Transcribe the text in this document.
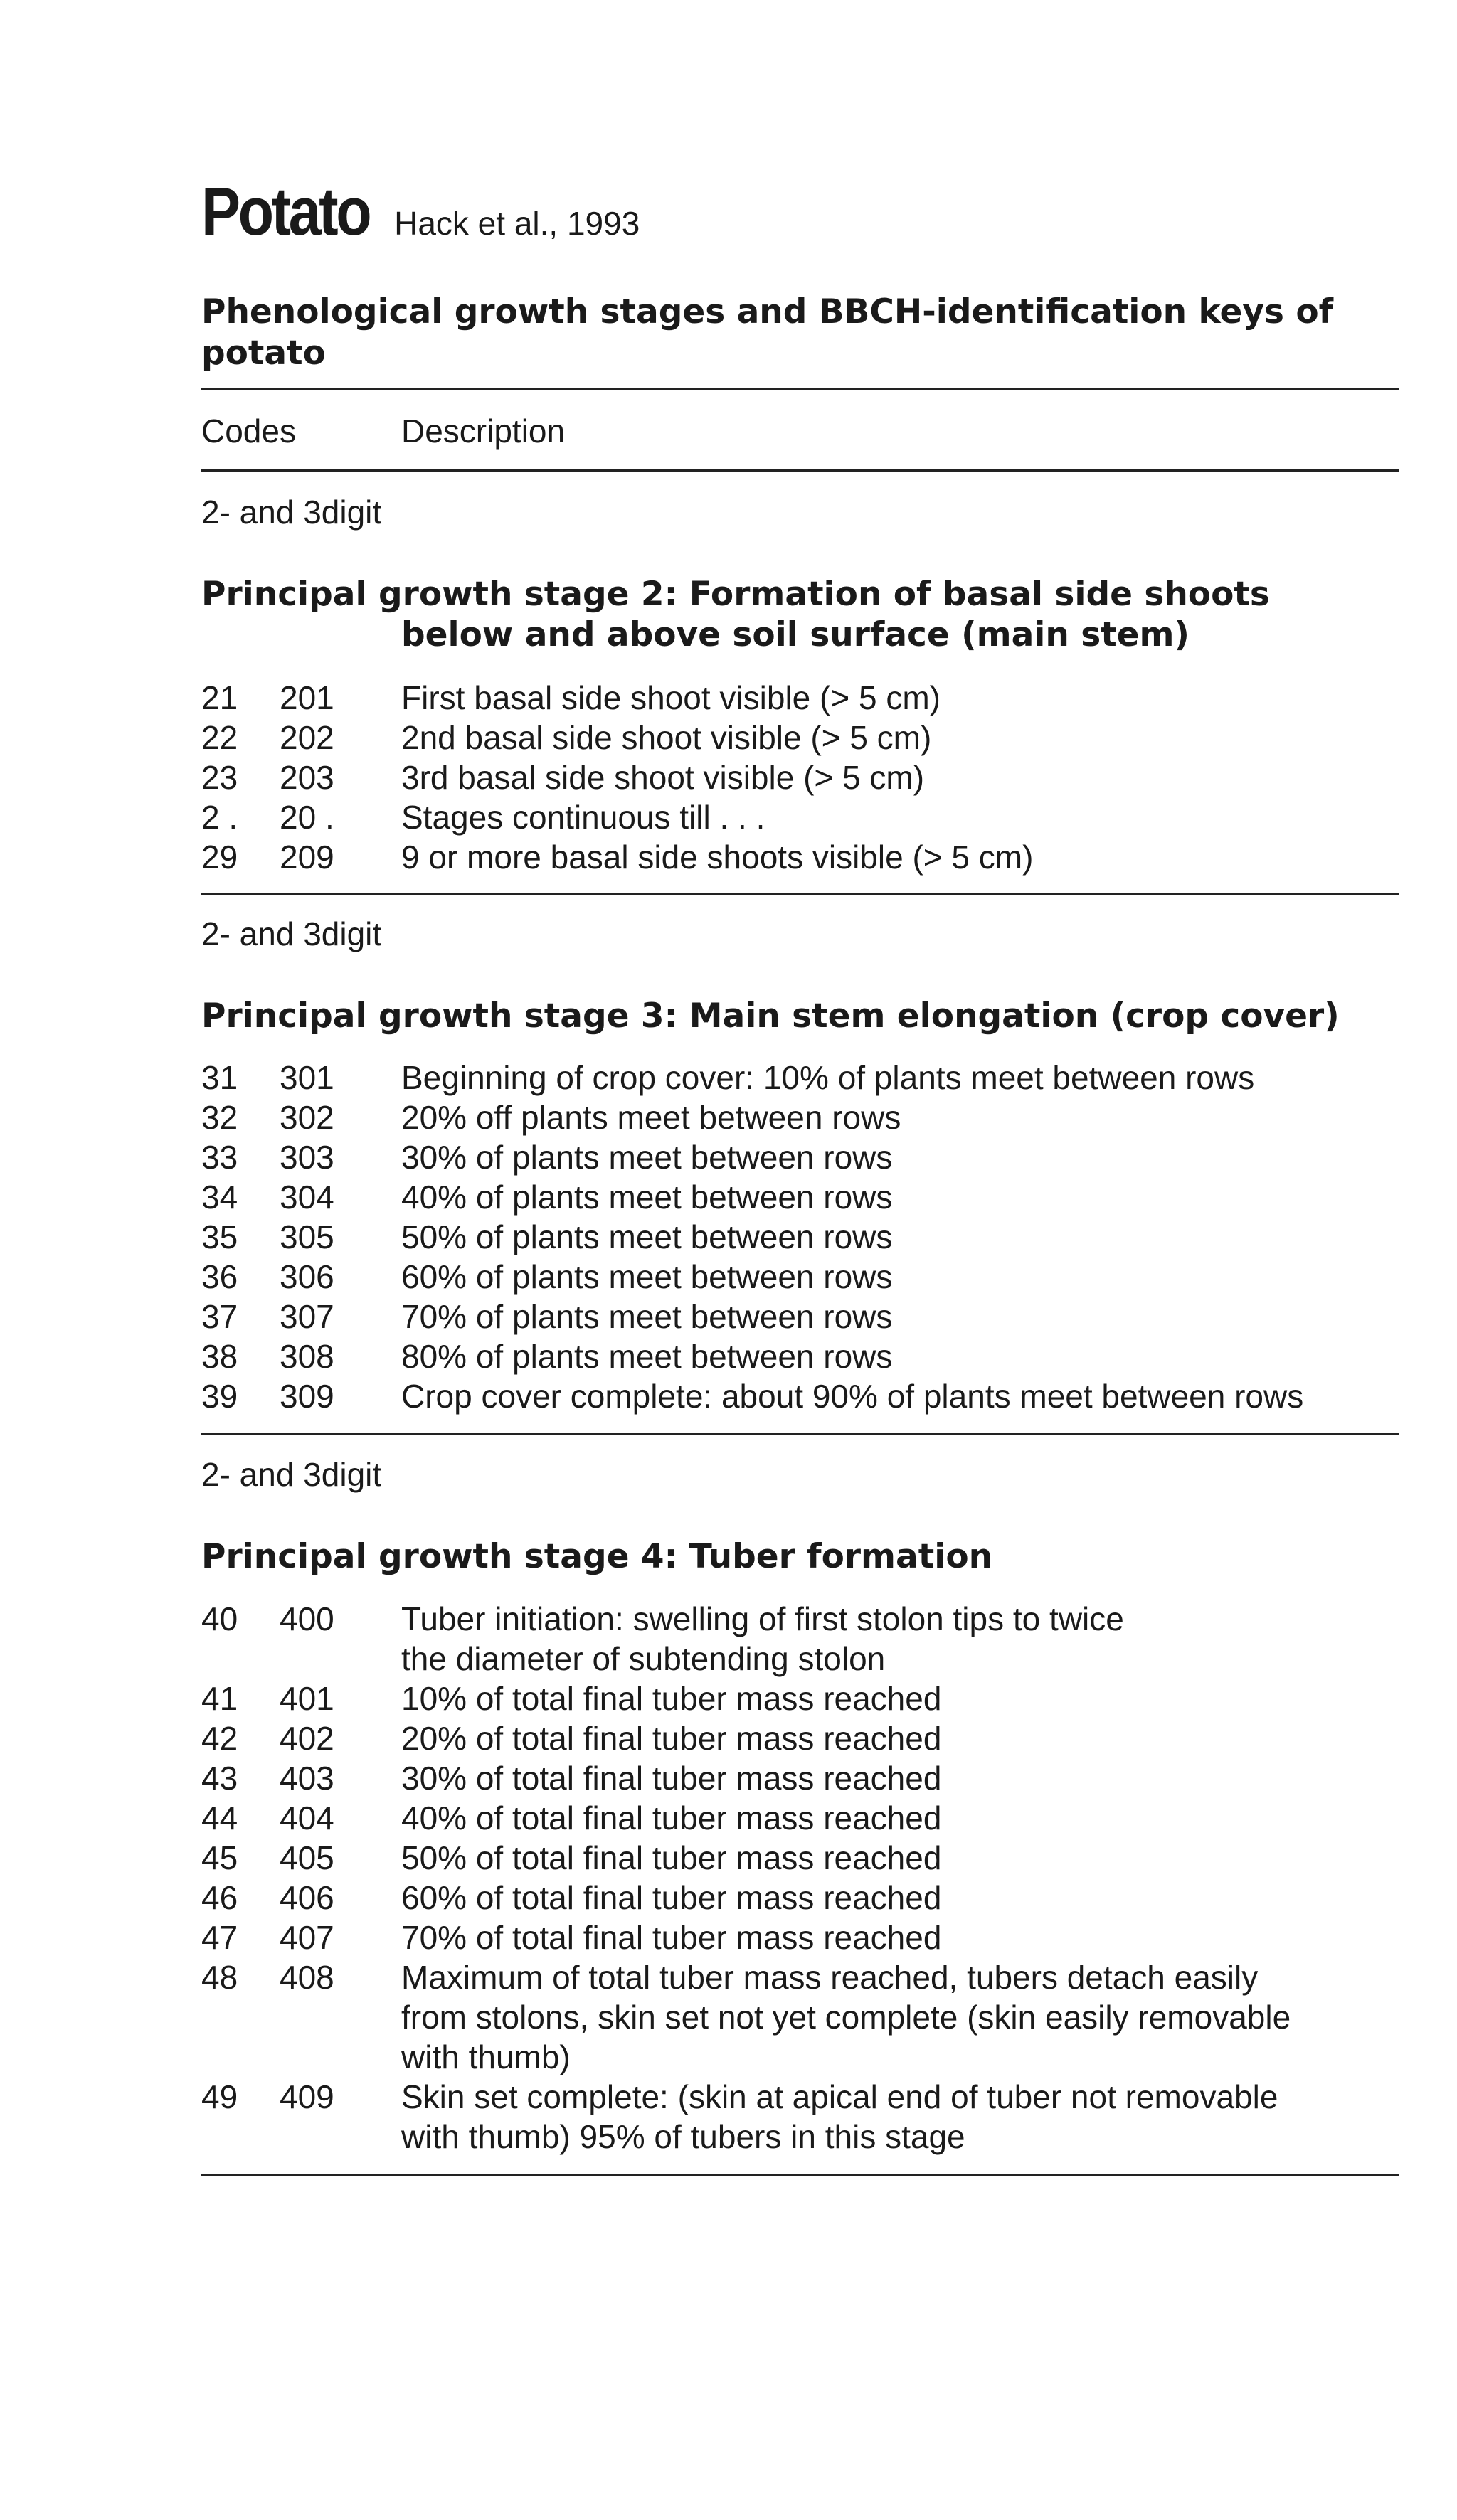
Potato Hack et al., 1993
Phenological growth stages and BBCH-identification keys of potato
Codes	Description
2- and 3digit
Principal growth stage 2: Formation of basal side shoots
below and above soil surface (main stem)
21	201	First basal side shoot visible (> 5 cm)
22	202	2nd basal side shoot visible (> 5 cm)
23	203	3rd basal side shoot visible (> 5 cm)
2 .	20 .	Stages continuous till . . .
29	209	9 or more basal side shoots visible (> 5 cm)
2- and 3digit
Principal growth stage 3: Main stem elongation (crop cover)
31	301	Beginning of crop cover: 10% of plants meet between rows
32	302	20% off plants meet between rows
33	303	30% of plants meet between rows
34	304	40% of plants meet between rows
35	305	50% of plants meet between rows
36	306	60% of plants meet between rows
37	307	70% of plants meet between rows
38	308	80% of plants meet between rows
39	309	Crop cover complete: about 90% of plants meet between rows
2- and 3digit
Principal growth stage 4: Tuber formation
40	400	Tuber initiation: swelling of first stolon tips to twice
the diameter of subtending stolon
41	401	10% of total final tuber mass reached
42	402	20% of total final tuber mass reached
43	403	30% of total final tuber mass reached
44	404	40% of total final tuber mass reached
45	405	50% of total final tuber mass reached
46	406	60% of total final tuber mass reached
47	407	70% of total final tuber mass reached
48	408	Maximum of total tuber mass reached, tubers detach easily
from stolons, skin set not yet complete (skin easily removable
with thumb)
49	409	Skin set complete: (skin at apical end of tuber not removable
with thumb) 95% of tubers in this stage
